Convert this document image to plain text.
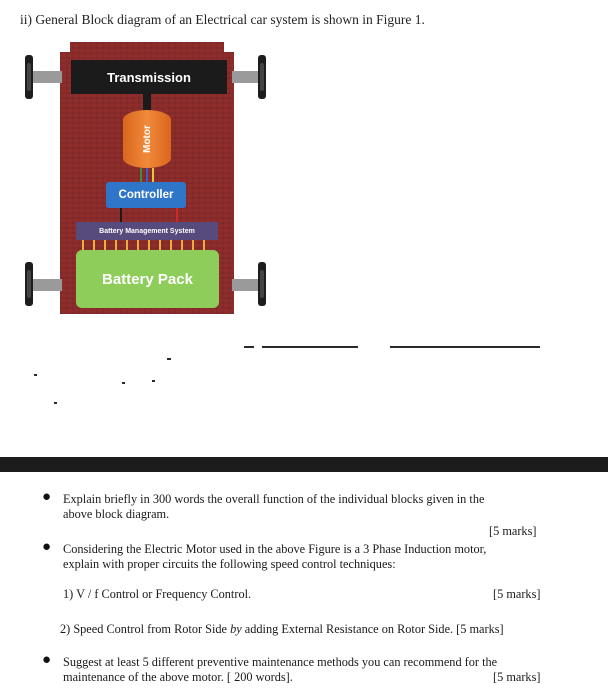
ii) General Block diagram of an Electrical car system is shown in Figure 1.
Transmission
Motor
Controller
Battery Management System
Battery Pack
● Explain briefly in 300 words the overall function of the individual blocks given in the
above block diagram.
[5 marks]
● Considering the Electric Motor used in the above Figure is a 3 Phase Induction motor,
explain with proper circuits the following speed control techniques:
1) V / f Control or Frequency Control.	[5 marks]
2) Speed Control from Rotor Side by adding External Resistance on Rotor Side. [5 marks]
● Suggest at least 5 different preventive maintenance methods you can recommend for the
maintenance of the above motor. [ 200 words].	[5 marks]
